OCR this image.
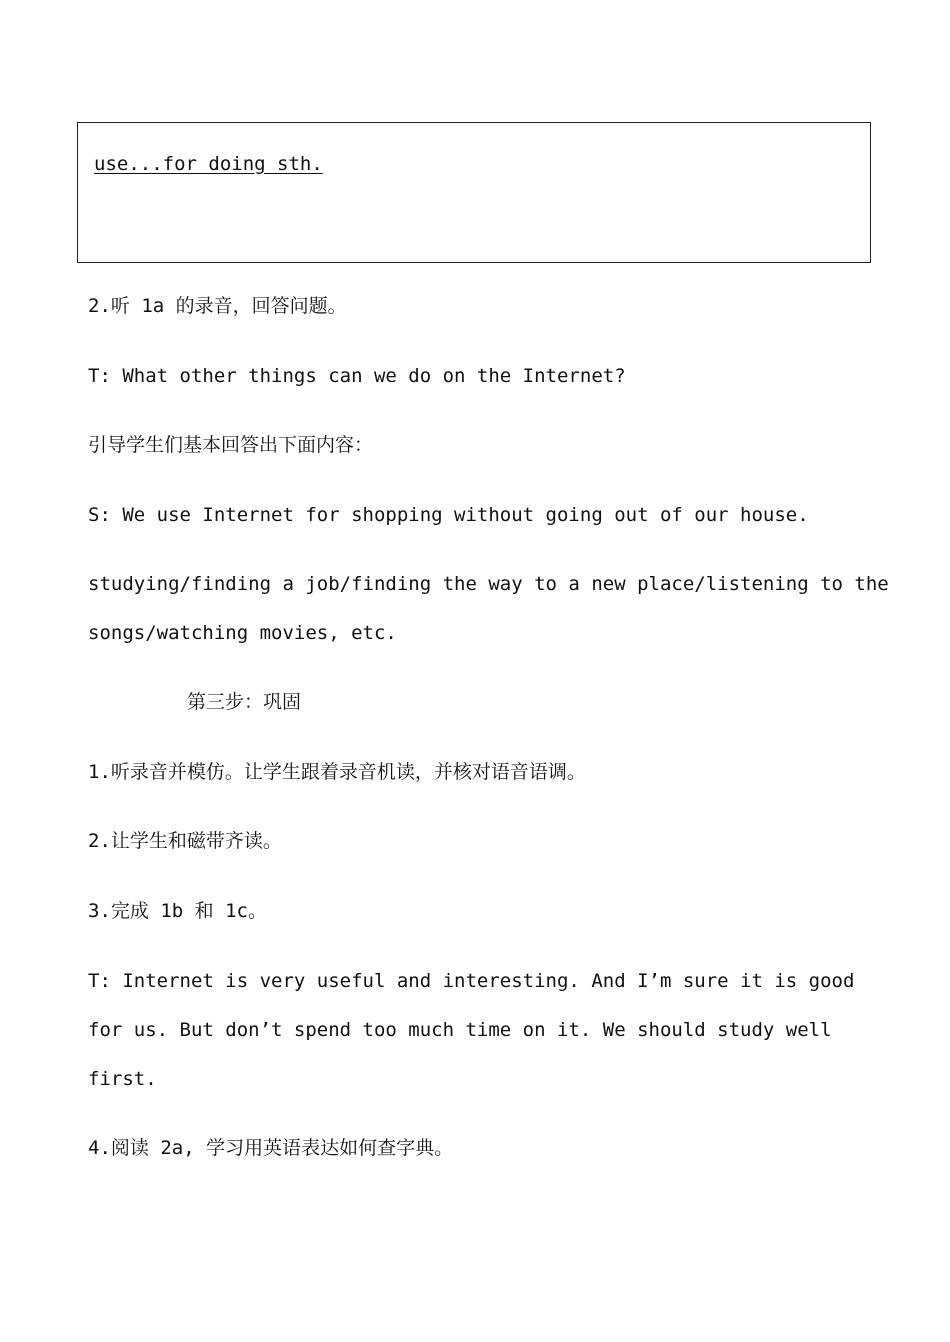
use...for doing sth.
2.听 1a 的录音，回答问题。
T: What other things can we do on the Internet?
引导学生们基本回答出下面内容：
S: We use Internet for shopping without going out of our house.
studying/finding a job/finding the way to a new place/listening to the
songs/watching movies, etc.
第三步：巩固
1.听录音并模仿。让学生跟着录音机读，并核对语音语调。
2.让学生和磁带齐读。
3.完成 1b 和 1c。
T: Internet is very useful and interesting. And I’m sure it is good
for us. But don’t spend too much time on it. We should study well
first.
4.阅读 2a, 学习用英语表达如何查字典。
